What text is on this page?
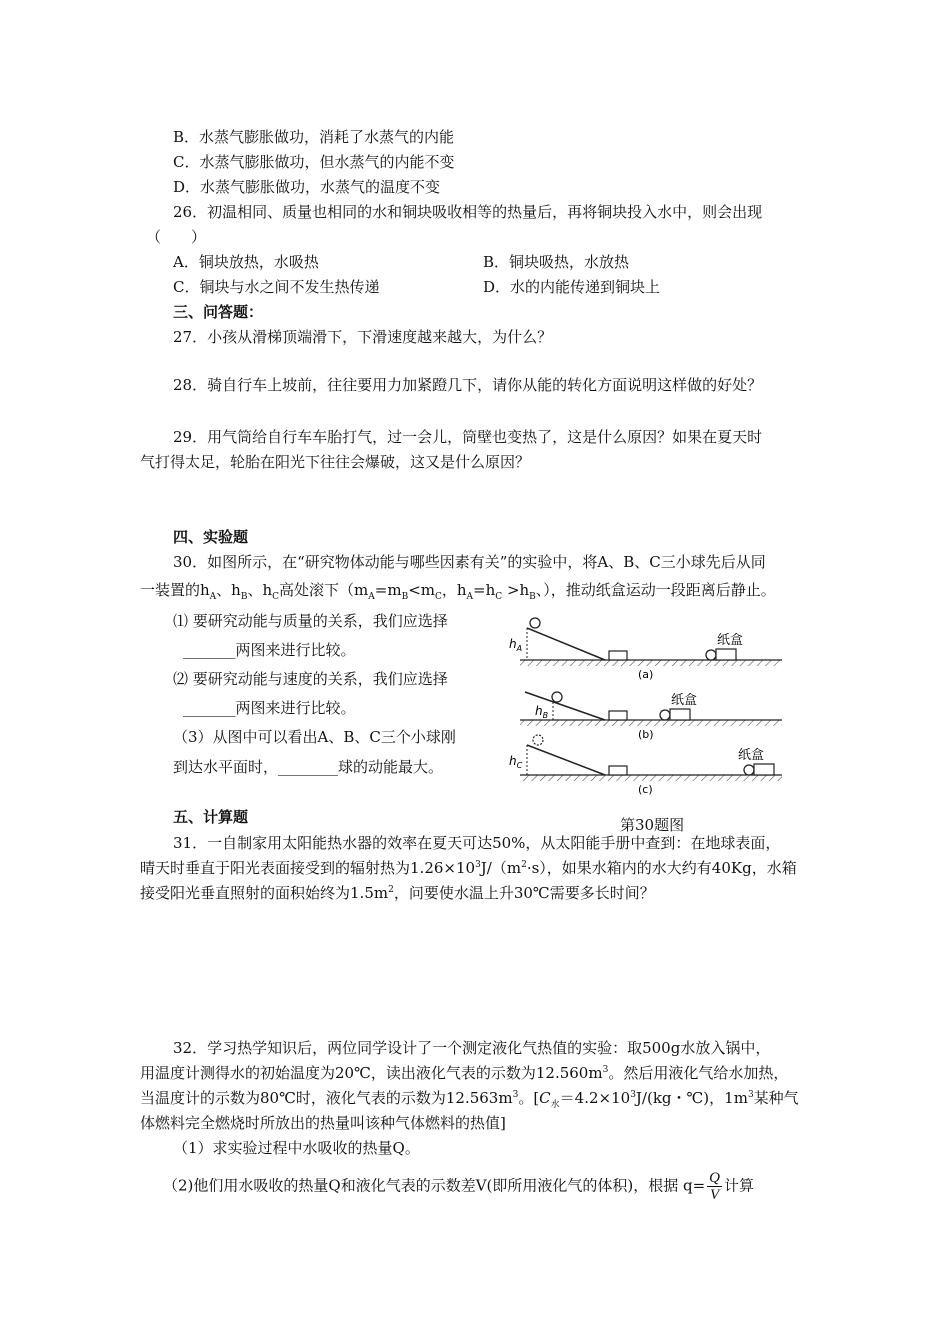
B．水蒸气膨胀做功，消耗了水蒸气的内能
C．水蒸气膨胀做功，但水蒸气的内能不变
D．水蒸气膨胀做功，水蒸气的温度不变
26．初温相同、质量也相同的水和铜块吸收相等的热量后，再将铜块投入水中，则会出现
（　　）
A．铜块放热，水吸热	B．铜块吸热，水放热
C．铜块与水之间不发生热传递	D．水的内能传递到铜块上
三、问答题：
27．小孩从滑梯顶端滑下，下滑速度越来越大，为什么？
28．骑自行车上坡前，往往要用力加紧蹬几下，请你从能的转化方面说明这样做的好处？
29．用气筒给自行车车胎打气，过一会儿，筒壁也变热了，这是什么原因？如果在夏天时
气打得太足，轮胎在阳光下往往会爆破，这又是什么原因？
四、实验题
30．如图所示，在“研究物体动能与哪些因素有关”的实验中，将A、B、C三小球先后从同
一装置的$h_A$、$h_B$、$h_C$高处滚下（$m_A=m_B<m_C$，$h_A=h_C >h_B$、），推动纸盒运动一段距离后静止。
⑴ 要研究动能与质量的关系，我们应选择
_______两图来进行比较。
⑵ 要研究动能与速度的关系，我们应选择
_______两图来进行比较。
（3）从图中可以看出A、B、C三个小球刚
到达水平面时，________球的动能最大。
$h_A$
纸盒
(a)
$h_B$
纸盒
(b)
$h_C$
纸盒
(c)
第30题图
五、计算题
31．一自制家用太阳能热水器的效率在夏天可达50%，从太阳能手册中查到：在地球表面，
晴天时垂直于阳光表面接受到的辐射热为$1.26\times 10^3J/(m^2\cdot s)$，如果水箱内的水大约有40Kg，水箱
接受阳光垂直照射的面积始终为$1.5m^2$，问要使水温上升30℃需要多长时间？
32．学习热学知识后，两位同学设计了一个测定液化气热值的实验：取500g水放入锅中，
用温度计测得水的初始温度为20℃，读出液化气表的示数为$12.560m^3$。然后用液化气给水加热，
当温度计的示数为80℃时，液化气表的示数为$12.563m^3$。[$C_水=4.2\times 10^3J/(kg$・℃)，$1m^3$某种气
体燃料完全燃烧时所放出的热量叫该种气体燃料的热值]
（1）求实验过程中水吸收的热量Q。
（2)他们用水吸收的热量Q和液化气表的示数差V(即所用液化气的体积)，根据 $q= \frac{Q}{V}$ 计算
